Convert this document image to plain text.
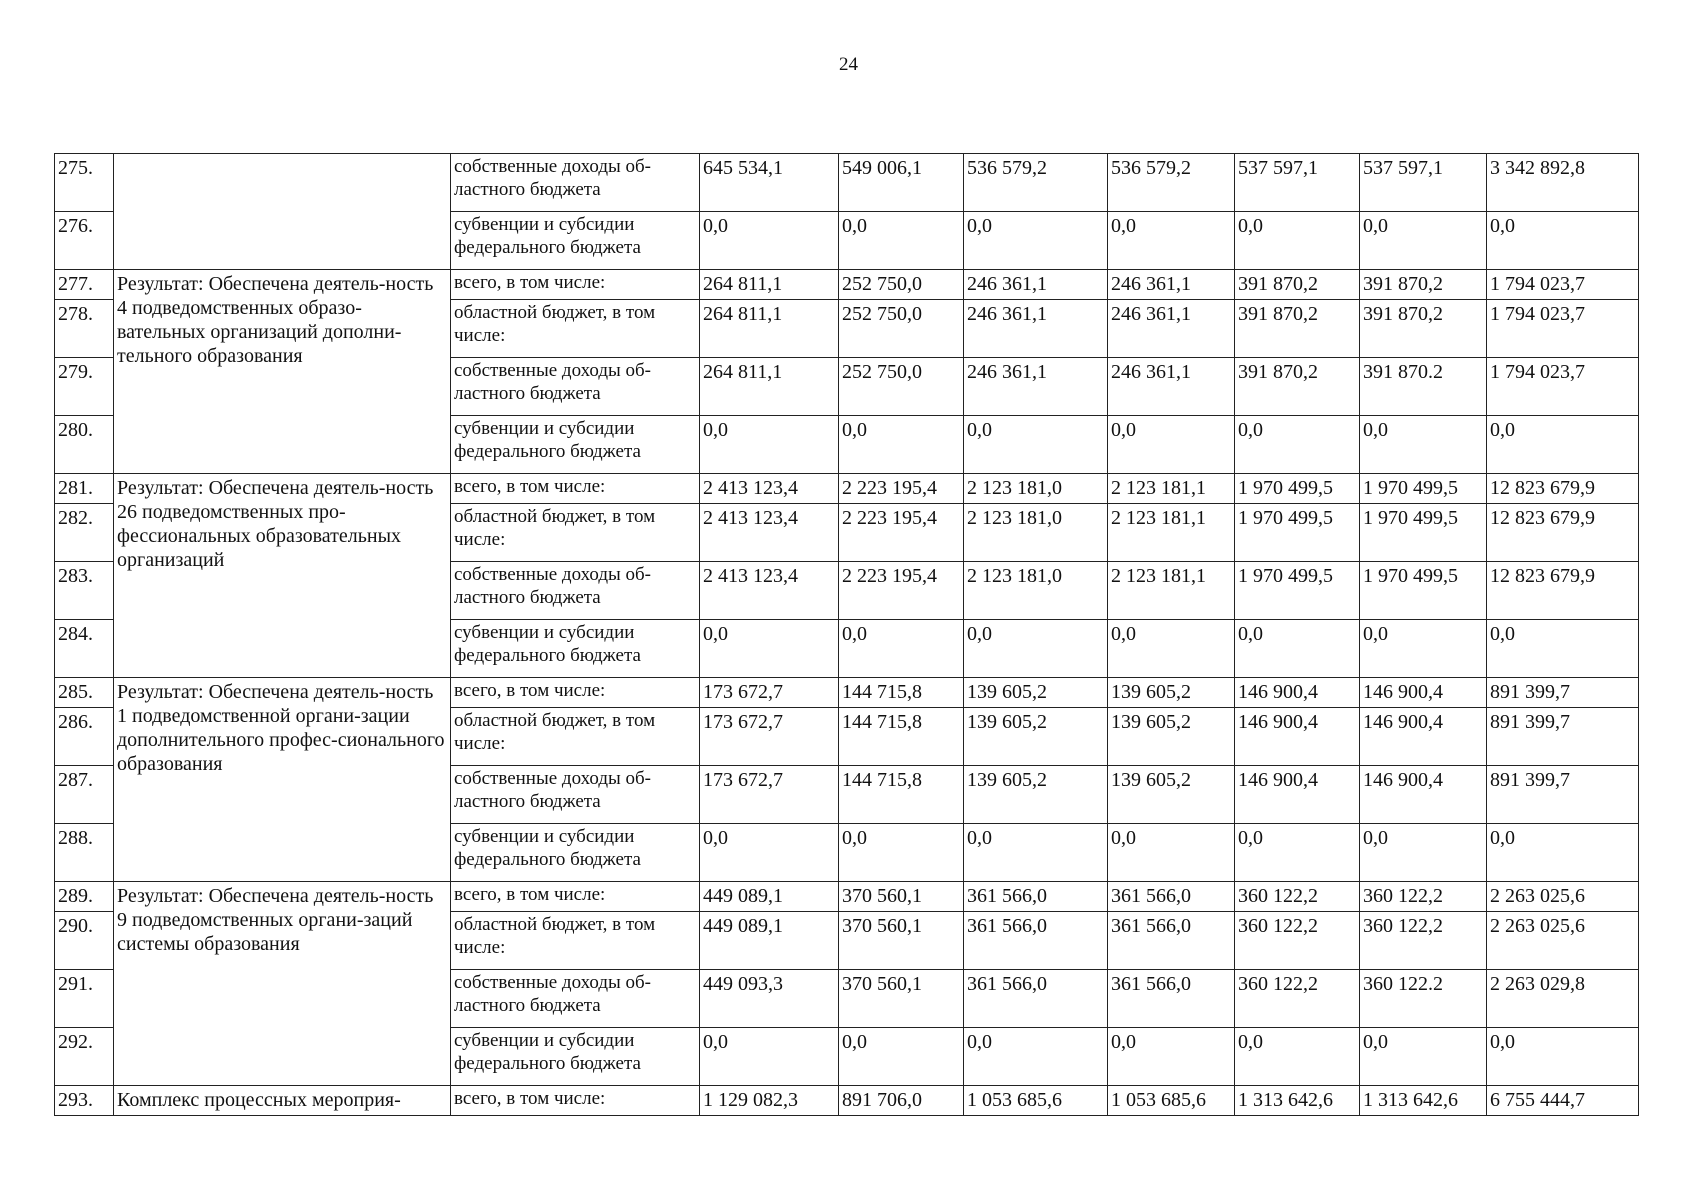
24
275.		собственные доходы об-ластного бюджета	645 534,1	549 006,1	536 579,2	536 579,2	537 597,1	537 597,1	3 342 892,8
276.		субвенции и субсидии федерального бюджета	0,0	0,0	0,0	0,0	0,0	0,0	0,0
277.	Результат: Обеспечена деятель-ность 4 подведомственных образо-вательных организаций дополни-тельного образования	всего, в том числе:	264 811,1	252 750,0	246 361,1	246 361,1	391 870,2	391 870,2	1 794 023,7
278.		областной бюджет, в том числе:	264 811,1	252 750,0	246 361,1	246 361,1	391 870,2	391 870,2	1 794 023,7
279.		собственные доходы об-ластного бюджета	264 811,1	252 750,0	246 361,1	246 361,1	391 870,2	391 870.2	1 794 023,7
280.		субвенции и субсидии федерального бюджета	0,0	0,0	0,0	0,0	0,0	0,0	0,0
281.	Результат: Обеспечена деятель-ность 26 подведомственных про-фессиональных образовательных организаций	всего, в том числе:	2 413 123,4	2 223 195,4	2 123 181,0	2 123 181,1	1 970 499,5	1 970 499,5	12 823 679,9
282.		областной бюджет, в том числе:	2 413 123,4	2 223 195,4	2 123 181,0	2 123 181,1	1 970 499,5	1 970 499,5	12 823 679,9
283.		собственные доходы об-ластного бюджета	2 413 123,4	2 223 195,4	2 123 181,0	2 123 181,1	1 970 499,5	1 970 499,5	12 823 679,9
284.		субвенции и субсидии федерального бюджета	0,0	0,0	0,0	0,0	0,0	0,0	0,0
285.	Результат: Обеспечена деятель-ность 1 подведомственной органи-зации дополнительного профес-сионального образования	всего, в том числе:	173 672,7	144 715,8	139 605,2	139 605,2	146 900,4	146 900,4	891 399,7
286.		областной бюджет, в том числе:	173 672,7	144 715,8	139 605,2	139 605,2	146 900,4	146 900,4	891 399,7
287.		собственные доходы об-ластного бюджета	173 672,7	144 715,8	139 605,2	139 605,2	146 900,4	146 900,4	891 399,7
288.		субвенции и субсидии федерального бюджета	0,0	0,0	0,0	0,0	0,0	0,0	0,0
289.	Результат: Обеспечена деятель-ность 9 подведомственных органи-заций системы образования	всего, в том числе:	449 089,1	370 560,1	361 566,0	361 566,0	360 122,2	360 122,2	2 263 025,6
290.		областной бюджет, в том числе:	449 089,1	370 560,1	361 566,0	361 566,0	360 122,2	360 122,2	2 263 025,6
291.		собственные доходы об-ластного бюджета	449 093,3	370 560,1	361 566,0	361 566,0	360 122,2	360 122.2	2 263 029,8
292.		субвенции и субсидии федерального бюджета	0,0	0,0	0,0	0,0	0,0	0,0	0,0
293.	Комплекс процессных мероприя-	всего, в том числе:	1 129 082,3	891 706,0	1 053 685,6	1 053 685,6	1 313 642,6	1 313 642,6	6 755 444,7
